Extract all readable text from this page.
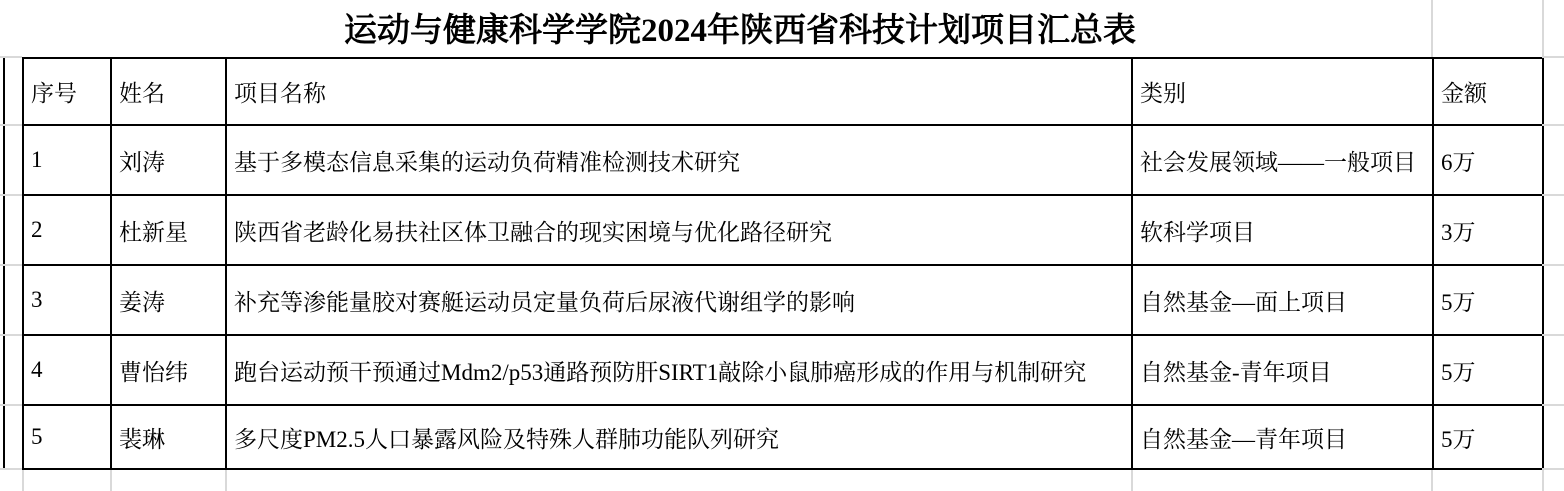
运动与健康科学学院2024年陕西省科技计划项目汇总表
序号	姓名	项目名称	类别	金额
1	刘涛	基于多模态信息采集的运动负荷精准检测技术研究	社会发展领域——一般项目	6万
2	杜新星	陕西省老龄化易扶社区体卫融合的现实困境与优化路径研究	软科学项目	3万
3	姜涛	补充等渗能量胶对赛艇运动员定量负荷后尿液代谢组学的影响	自然基金—面上项目	5万
4	曹怡纬	跑台运动预干预通过Mdm2/p53通路预防肝SIRT1敲除小鼠肺癌形成的作用与机制研究	自然基金-青年项目	5万
5	裴琳	多尺度PM2.5人口暴露风险及特殊人群肺功能队列研究	自然基金—青年项目	5万
